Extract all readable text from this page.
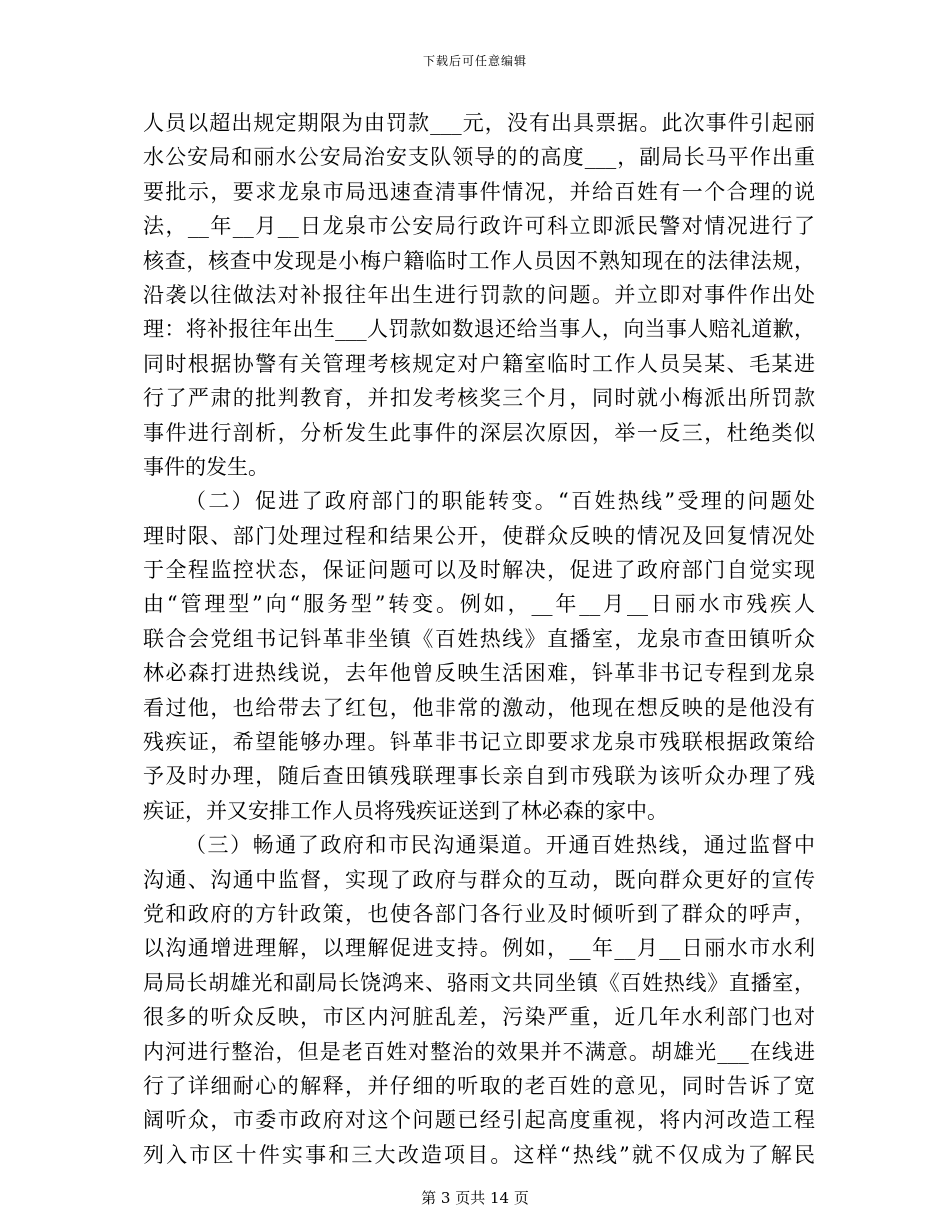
下载后可任意编辑
人员以超出规定期限为由罚款___元，没有出具票据。此次事件引起丽
水公安局和丽水公安局治安支队领导的的高度___，副局长马平作出重
要批示，要求龙泉市局迅速查清事件情况，并给百姓有一个合理的说
法，__年__月__日龙泉市公安局行政许可科立即派民警对情况进行了
核查，核查中发现是小梅户籍临时工作人员因不熟知现在的法律法规，
沿袭以往做法对补报往年出生进行罚款的问题。并立即对事件作出处
理：将补报往年出生___人罚款如数退还给当事人，向当事人赔礼道歉，
同时根据协警有关管理考核规定对户籍室临时工作人员吴某、毛某进
行了严肃的批判教育，并扣发考核奖三个月，同时就小梅派出所罚款
事件进行剖析，分析发生此事件的深层次原因，举一反三，杜绝类似
事件的发生。
（二）促进了政府部门的职能转变。“百姓热线”受理的问题处
理时限、部门处理过程和结果公开，使群众反映的情况及回复情况处
于全程监控状态，保证问题可以及时解决，促进了政府部门自觉实现
由“管理型”向“服务型”转变。例如，__年__月__日丽水市残疾人
联合会党组书记钭革非坐镇《百姓热线》直播室，龙泉市查田镇听众
林必森打进热线说，去年他曾反映生活困难，钭革非书记专程到龙泉
看过他，也给带去了红包，他非常的激动，他现在想反映的是他没有
残疾证，希望能够办理。钭革非书记立即要求龙泉市残联根据政策给
予及时办理，随后查田镇残联理事长亲自到市残联为该听众办理了残
疾证，并又安排工作人员将残疾证送到了林必森的家中。
（三）畅通了政府和市民沟通渠道。开通百姓热线，通过监督中
沟通、沟通中监督，实现了政府与群众的互动，既向群众更好的宣传
党和政府的方针政策，也使各部门各行业及时倾听到了群众的呼声，
以沟通增进理解，以理解促进支持。例如，__年__月__日丽水市水利
局局长胡雄光和副局长饶鸿来、骆雨文共同坐镇《百姓热线》直播室，
很多的听众反映，市区内河脏乱差，污染严重，近几年水利部门也对
内河进行整治，但是老百姓对整治的效果并不满意。胡雄光___在线进
行了详细耐心的解释，并仔细的听取的老百姓的意见，同时告诉了宽
阔听众，市委市政府对这个问题已经引起高度重视，将内河改造工程
列入市区十件实事和三大改造项目。这样“热线”就不仅成为了解民
第 3 页共 14 页
